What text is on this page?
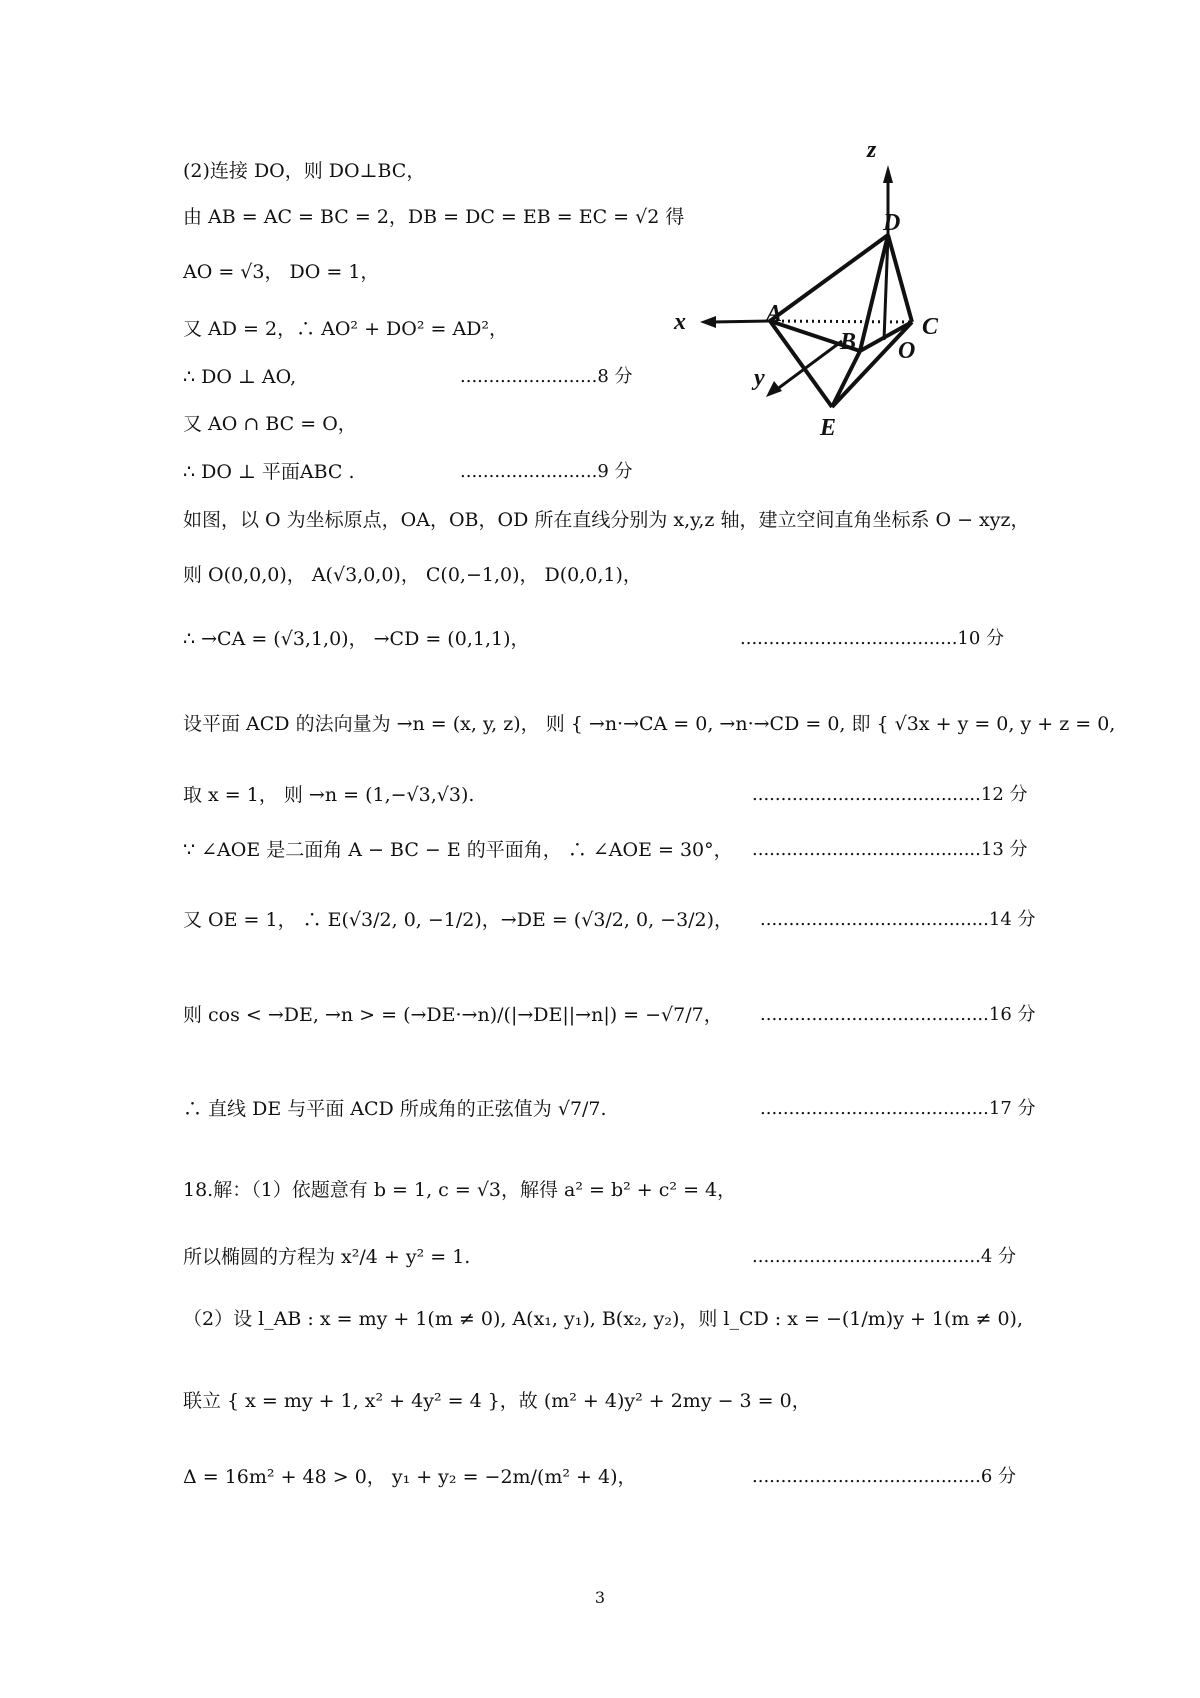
(2)连接 DO，则 DO⊥BC，
由 AB = AC = BC = 2，DB = DC = EB = EC = √2 得
AO = √3， DO = 1，
又 AD = 2，∴ AO² + DO² = AD²，
∴ DO ⊥ AO,
又 AO ∩ BC = O，
∴ DO ⊥ 平面ABC .
如图，以 O 为坐标原点，OA，OB，OD 所在直线分别为 x,y,z 轴，建立空间直角坐标系 O − xyz，
则 O(0,0,0)， A(√3,0,0)， C(0,−1,0)， D(0,0,1)，
∴ →CA = (√3,1,0)， →CD = (0,1,1)，
设平面 ACD 的法向量为 →n = (x, y, z)， 则 { →n·→CA = 0, →n·→CD = 0, 即 { √3x + y = 0, y + z = 0,
取 x = 1， 则 →n = (1,−√3,√3).
∵ ∠AOE 是二面角 A − BC − E 的平面角， ∴ ∠AOE = 30°，
又 OE = 1， ∴ E(√3/2, 0, −1/2)，→DE = (√3/2, 0, −3/2)，
则 cos < →DE, →n > = (→DE·→n)/(|→DE||→n|) = −√7/7，
∴ 直线 DE 与平面 ACD 所成角的正弦值为 √7/7.
18.解：（1）依题意有 b = 1, c = √3，解得 a² = b² + c² = 4，
所以椭圆的方程为 x²/4 + y² = 1.
（2）设 l_AB : x = my + 1(m ≠ 0), A(x₁, y₁), B(x₂, y₂)，则 l_CD : x = −(1/m)y + 1(m ≠ 0),
联立 { x = my + 1, x² + 4y² = 4 }，故 (m² + 4)y² + 2my − 3 = 0，
Δ = 16m² + 48 > 0， y₁ + y₂ = −2m/(m² + 4)，
........................8 分
........................9 分
......................................10 分
........................................12 分
........................................13 分
........................................14 分
........................................16 分
........................................17 分
........................................4 分
........................................6 分
z
x
y
D
A
B
C
O
E
3
